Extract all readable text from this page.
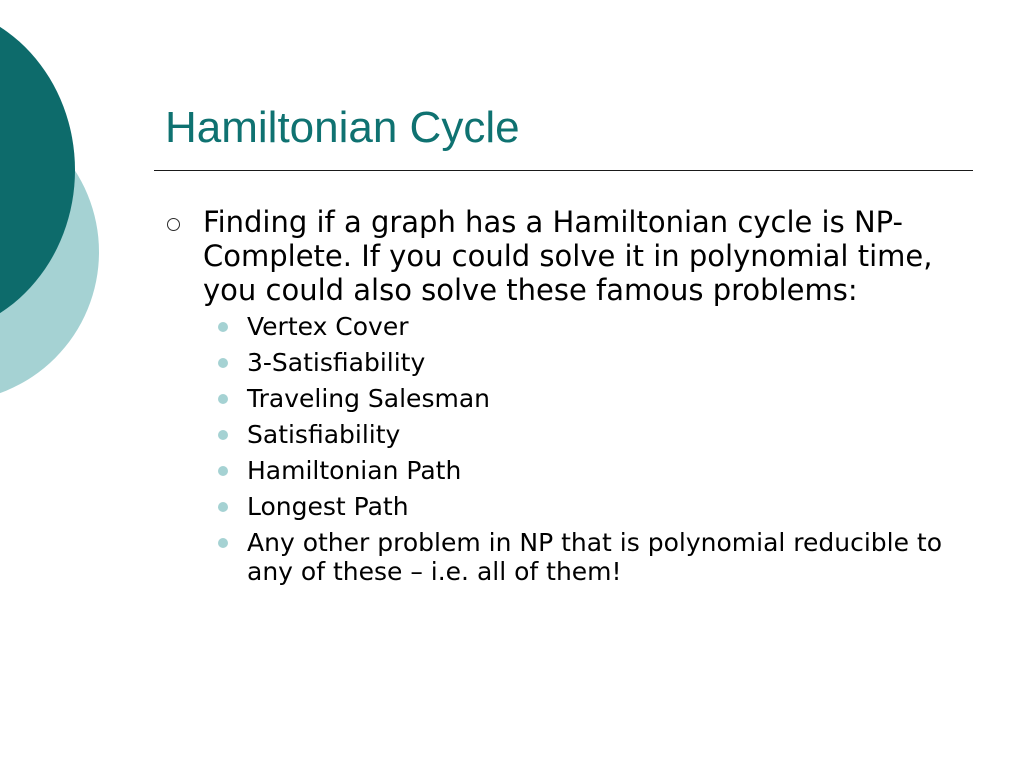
Hamiltonian Cycle
Finding if a graph has a Hamiltonian cycle is NP-Complete. If you could solve it in polynomial time, you could also solve these famous problems:
Vertex Cover
3-Satisfiability
Traveling Salesman
Satisfiability
Hamiltonian Path
Longest Path
Any other problem in NP that is polynomial reducible to any of these – i.e. all of them!
